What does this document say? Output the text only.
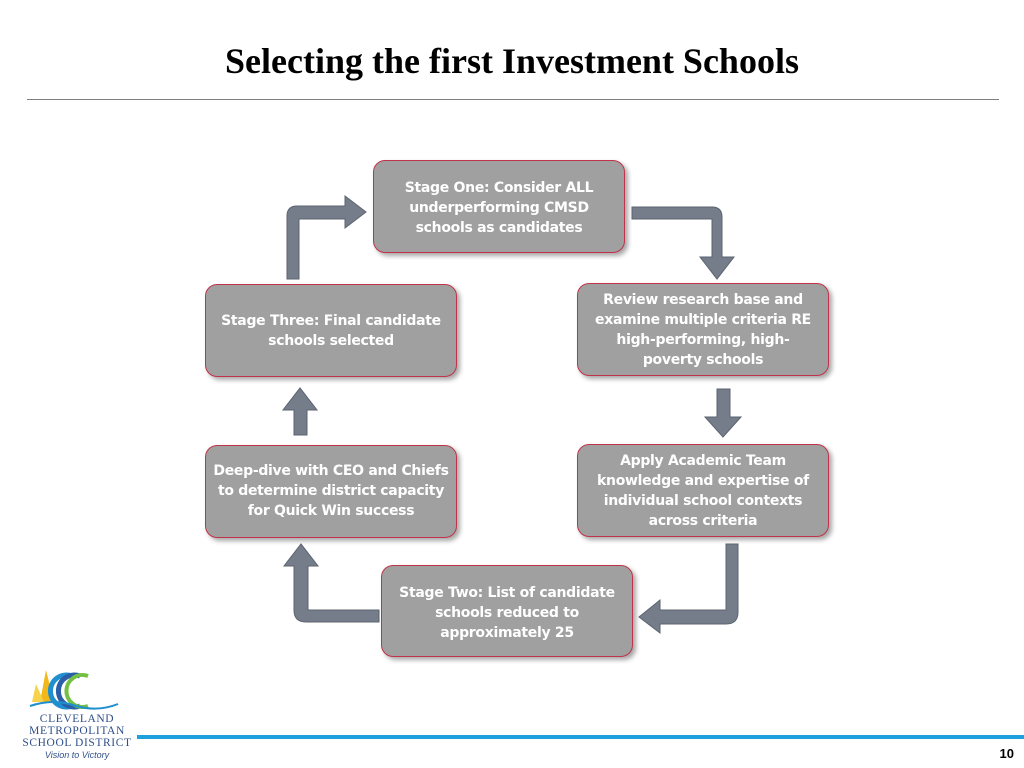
Selecting the first Investment Schools
Stage One: Consider ALL underperforming CMSD schools as candidates
Review research base and examine multiple criteria RE high-performing, high-poverty schools
Apply Academic Team knowledge and expertise of individual school contexts across criteria
Stage Two: List of candidate schools reduced to approximately 25
Deep-dive with CEO and Chiefs to determine district capacity for Quick Win success
Stage Three: Final candidate schools selected
CLEVELAND
METROPOLITAN
SCHOOL DISTRICT
Vision to Victory	10
